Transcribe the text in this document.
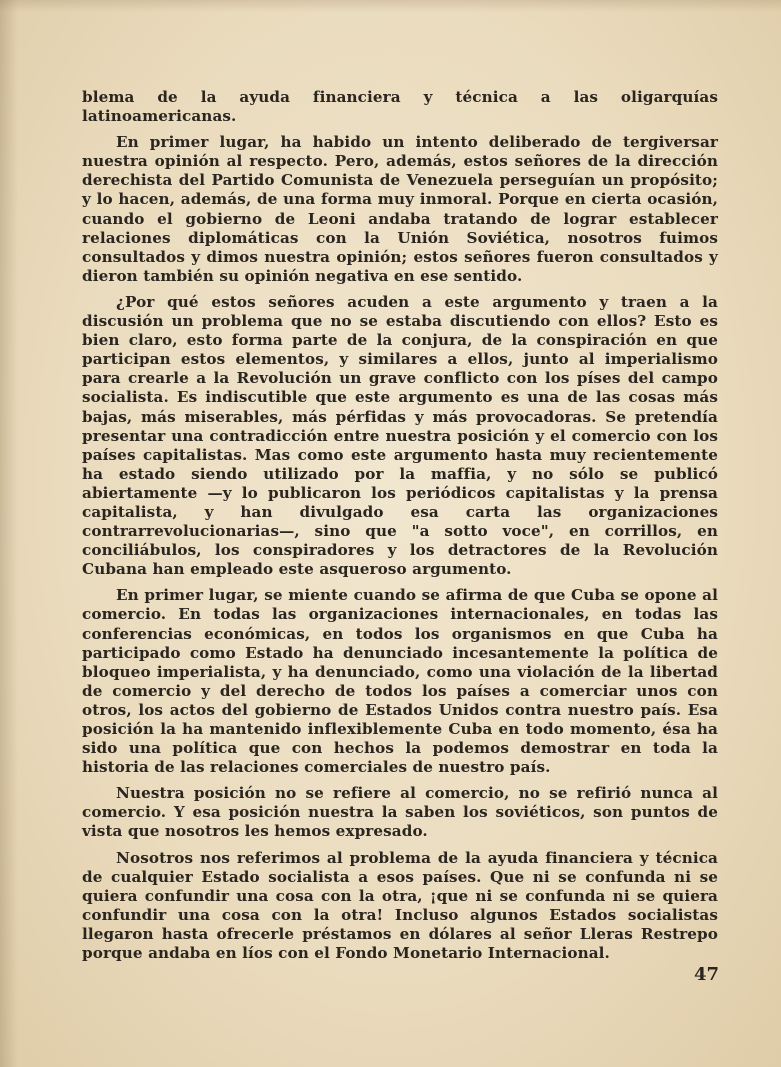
blema de la ayuda financiera y técnica a las oligarquías latinoamericanas.

En primer lugar, ha habido un intento deliberado de tergiversar nuestra opinión al respecto. Pero, además, estos señores de la dirección derechista del Partido Comunista de Venezuela perseguían un propósito; y lo hacen, además, de una forma muy inmoral. Porque en cierta ocasión, cuando el gobierno de Leoni andaba tratando de lograr establecer relaciones diplomáticas con la Unión Soviética, nosotros fuimos consultados y dimos nuestra opinión; estos señores fueron consultados y dieron también su opinión negativa en ese sentido.

¿Por qué estos señores acuden a este argumento y traen a la discusión un problema que no se estaba discutiendo con ellos? Esto es bien claro, esto forma parte de la conjura, de la conspiración en que participan estos elementos, y similares a ellos, junto al imperialismo para crearle a la Revolución un grave conflicto con los píses del campo socialista. Es indiscutible que este argumento es una de las cosas más bajas, más miserables, más pérfidas y más provocadoras. Se pretendía presentar una contradicción entre nuestra posición y el comercio con los países capitalistas. Mas como este argumento hasta muy recientemente ha estado siendo utilizado por la maffia, y no sólo se publicó abiertamente —y lo publicaron los periódicos capitalistas y la prensa capitalista, y han divulgado esa carta las organizaciones contrarrevolucionarias—, sino que "a sotto voce", en corrillos, en conciliábulos, los conspiradores y los detractores de la Revolución Cubana han empleado este asqueroso argumento.

En primer lugar, se miente cuando se afirma de que Cuba se opone al comercio. En todas las organizaciones internacionales, en todas las conferencias económicas, en todos los organismos en que Cuba ha participado como Estado ha denunciado incesantemente la política de bloqueo imperialista, y ha denunciado, como una violación de la libertad de comercio y del derecho de todos los países a comerciar unos con otros, los actos del gobierno de Estados Unidos contra nuestro país. Esa posición la ha mantenido inflexiblemente Cuba en todo momento, ésa ha sido una política que con hechos la podemos demostrar en toda la historia de las relaciones comerciales de nuestro país.

Nuestra posición no se refiere al comercio, no se refirió nunca al comercio. Y esa posición nuestra la saben los soviéticos, son puntos de vista que nosotros les hemos expresado.

Nosotros nos referimos al problema de la ayuda financiera y técnica de cualquier Estado socialista a esos países. Que ni se confunda ni se quiera confundir una cosa con la otra, ¡que ni se confunda ni se quiera confundir una cosa con la otra! Incluso algunos Estados socialistas llegaron hasta ofrecerle préstamos en dólares al señor Lleras Restrepo porque andaba en líos con el Fondo Monetario Internacional.

47
